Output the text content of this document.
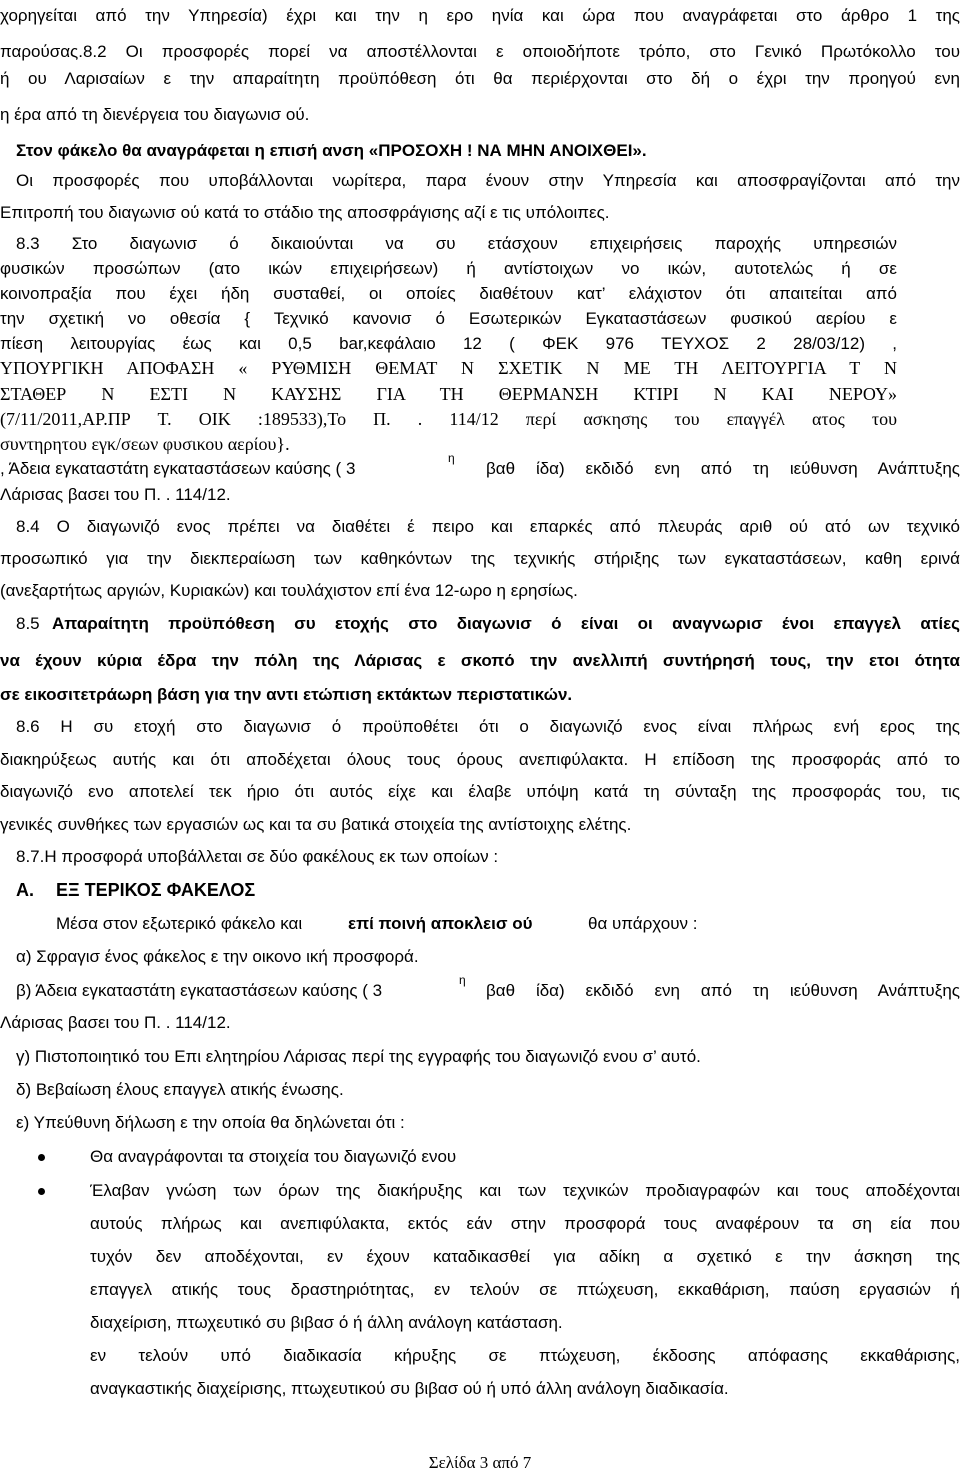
χορηγείται από την Υπηρεσία) έχρι και την η ερο ηνία και ώρα που αναγράφεται στο άρθρο 1 της
παρούσας.8.2 Οι προσφορές πορεί να αποστέλλονται ε οποιοδήποτε τρόπο, στο Γενικό Πρωτόκολλο του
ή ου Λαρισαίων ε την απαραίτητη προϋπόθεση ότι θα περιέρχονται στο δή ο έχρι την προηγού ενη
η έρα από τη διενέργεια του διαγωνισ ού.
Στον φάκελο θα αναγράφεται η επισή ανση «ΠΡΟΣΟΧΗ ! ΝΑ ΜΗΝ ΑΝΟΙΧΘΕΙ».
Οι προσφορές που υποβάλλονται νωρίτερα, παρα ένουν στην Υπηρεσία και αποσφραγίζονται από την
Επιτροπή του διαγωνισ ού κατά το στάδιο της αποσφράγισης αζί ε τις υπόλοιπες.
8.3 Στο διαγωνισ ό δικαιούνται να συ ετάσχουν επιχειρήσεις παροχής υπηρεσιών
φυσικών προσώπων (ατο ικών επιχειρήσεων) ή αντίστοιχων νο ικών, αυτοτελώς ή σε
κοινοπραξία που έχει ήδη συσταθεί, οι οποίες διαθέτουν κατ’ ελάχιστον ότι απαιτείται από
την σχετική νο οθεσία { Τεχνικό κανονισ ό Εσωτερικών Εγκαταστάσεων φυσικού αερίου ε
πίεση λειτουργίας έως και 0,5 bar,κεφάλαιο 12 ( ΦΕΚ 976 ΤΕΥΧΟΣ 2 28/03/12) ,
ΥΠΟΥΡΓΙΚΗ ΑΠΟΦΑΣΗ « ΡΥΘΜΙΣΗ ΘΕΜΑΤ Ν ΣΧΕΤΙΚ Ν ΜΕ ΤΗ ΛΕΙΤΟΥΡΓΙΑ Τ Ν
ΣΤΑΘΕΡ Ν ΕΣΤΙ Ν ΚΑΥΣΗΣ ΓΙΑ ΤΗ ΘΕΡΜΑΝΣΗ ΚΤΙΡΙ Ν ΚΑΙ ΝΕΡΟΥ»
(7/11/2011,ΑΡ.ΠΡ Τ. ΟΙΚ :189533),Το Π. . 114/12 περί ασκησης του επαγγέλ ατος του
συντηρητου εγκ/σεων φυσικου αερίου}.
, Άδεια εγκαταστάτη εγκαταστάσεων καύσης ( 3
η
βαθ ίδα) εκδιδό ενη από τη ιεύθυνση Ανάπτυξης
Λάρισας βασει του Π. . 114/12.
8.4 Ο διαγωνιζό ενος πρέπει να διαθέτει έ πειρο και επαρκές από πλευράς αριθ ού ατό ων τεχνικό
προσωπικό για την διεκπεραίωση των καθηκόντων της τεχνικής στήριξης των εγκαταστάσεων, καθη ερινά
(ανεξαρτήτως αργιών, Κυριακών) και τουλάχιστον επί ένα 12-ωρο η ερησίως.
8.5 Απαραίτητη προϋπόθεση συ ετοχής στο διαγωνισ ό είναι οι αναγνωρισ ένοι επαγγελ ατίες
να έχουν κύρια έδρα την πόλη της Λάρισας ε σκοπό την ανελλιπή συντήρησή τους, την ετοι ότητα
σε εικοσιτετράωρη βάση για την αντι ετώπιση εκτάκτων περιστατικών.
8.6 Η συ ετοχή στο διαγωνισ ό προϋποθέτει ότι ο διαγωνιζό ενος είναι πλήρως ενή ερος της
διακηρύξεως αυτής και ότι αποδέχεται όλους τους όρους ανεπιφύλακτα. Η επίδοση της προσφοράς από το
διαγωνιζό ενο αποτελεί τεκ ήριο ότι αυτός είχε και έλαβε υπόψη κατά τη σύνταξη της προσφοράς του, τις
γενικές συνθήκες των εργασιών ως και τα συ βατικά στοιχεία της αντίστοιχης ελέτης.
8.7.Η προσφορά υποβάλλεται σε δύο φακέλους εκ των οποίων :
Α. ΕΞ ΤΕΡΙΚΟΣ ΦΑΚΕΛΟΣ
Μέσα στον εξωτερικό φάκελο και	επί ποινή αποκλεισ ού	θα υπάρχουν :
α) Σφραγισ ένος φάκελος ε την οικονο ική προσφορά.
β) Άδεια εγκαταστάτη εγκαταστάσεων καύσης ( 3
η
βαθ ίδα) εκδιδό ενη από τη ιεύθυνση Ανάπτυξης
Λάρισας βασει του Π. . 114/12.
γ) Πιστοποιητικό του Επι ελητηρίου Λάρισας περί της εγγραφής του διαγωνιζό ενου σ’ αυτό.
δ) Βεβαίωση έλους επαγγελ ατικής ένωσης.
ε) Υπεύθυνη δήλωση ε την οποία θα δηλώνεται ότι :
Θα αναγράφονται τα στοιχεία του διαγωνιζό ενου
Έλαβαν γνώση των όρων της διακήρυξης και των τεχνικών προδιαγραφών και τους αποδέχονται
αυτούς πλήρως και ανεπιφύλακτα, εκτός εάν στην προσφορά τους αναφέρουν τα ση εία που
τυχόν δεν αποδέχονται, εν έχουν καταδικασθεί για αδίκη α σχετικό ε την άσκηση της
επαγγελ ατικής τους δραστηριότητας, εν τελούν σε πτώχευση, εκκαθάριση, παύση εργασιών ή
διαχείριση, πτωχευτικό συ βιβασ ό ή άλλη ανάλογη κατάσταση.
εν τελούν υπό διαδικασία κήρυξης σε πτώχευση, έκδοσης απόφασης εκκαθάρισης,
αναγκαστικής διαχείρισης, πτωχευτικού συ βιβασ ού ή υπό άλλη ανάλογη διαδικασία.
Σελίδα 3 από 7
